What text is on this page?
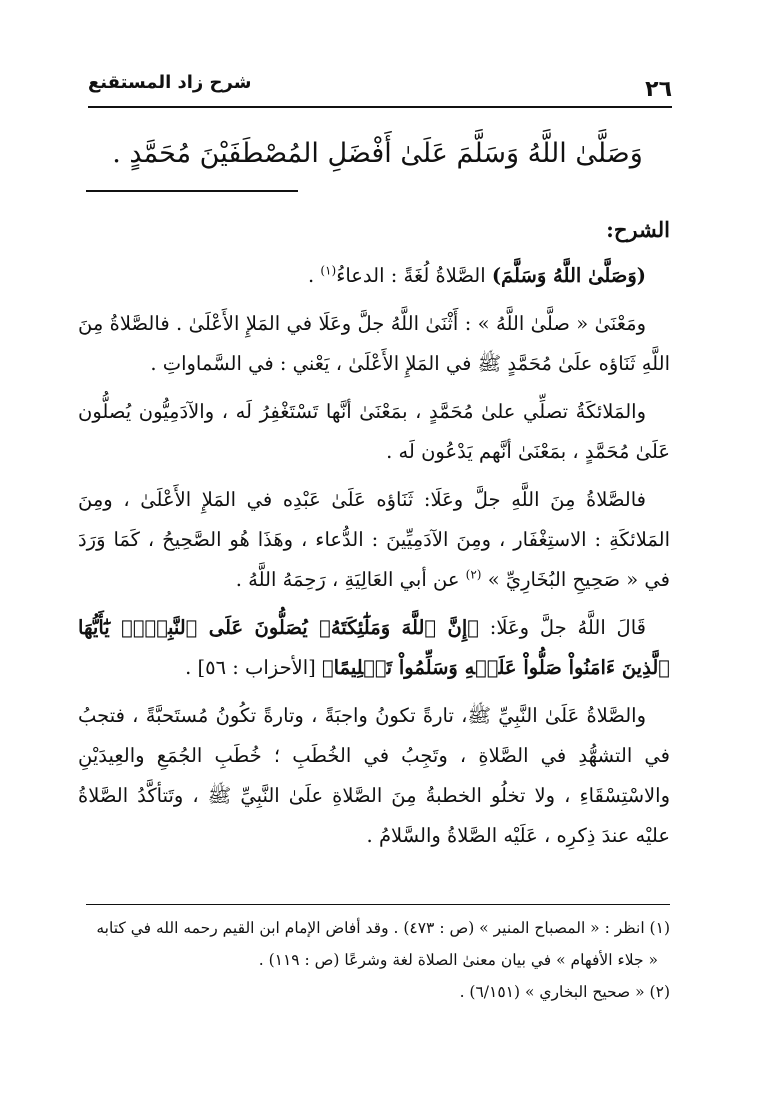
٢٦
شرح زاد المستقنع
وَصَلَّىٰ اللَّهُ وَسَلَّمَ عَلَىٰ أَفْضَلِ المُصْطَفَيْنَ مُحَمَّدٍ .

الشرح:

(وَصَلَّىٰ اللَّهُ وَسَلَّمَ) الصَّلاةُ لُغَةً : الدعاءُ$^{(١)}$ .

ومَعْنَىٰ « صلَّىٰ اللَّهُ » : أَثْنَىٰ اللَّهُ جلَّ وعَلَا في المَلإِ الأَعْلَىٰ . فالصَّلاةُ مِنَ اللَّهِ ثَنَاؤه علَىٰ مُحَمَّدٍ ﷺ في المَلإِ الأَعْلَىٰ ، يَعْني : في السَّماواتِ .

والمَلائكَةُ تصلِّي علىٰ مُحَمَّدٍ ، بمَعْنَىٰ أنَّها تَسْتَغْفِرُ لَه ، والآدَمِيُّون يُصلُّون عَلَىٰ مُحَمَّدٍ ، بمَعْنَىٰ أنَّهم يَدْعُون لَه .

فالصَّلاةُ مِنَ اللَّهِ جلَّ وعَلَا: ثَنَاؤه عَلَىٰ عَبْدِه في المَلإِ الأَعْلَىٰ ، ومِنَ المَلائكَةِ : الاستِغْفَار ، ومِنَ الآدَمِيِّينَ : الدُّعاء ، وهَذَا هُو الصَّحِيحُ ، كَمَا وَرَدَ في « صَحِيحِ البُخَارِيِّ » $^{(٢)}$ عن أبي العَالِيَةِ ، رَحِمَهُ اللَّهُ .

قَالَ اللَّهُ جلَّ وعَلَا: ﴿إِنَّ ٱللَّهَ وَمَلَٰٓئِكَتَهُۥ يُصَلُّونَ عَلَى ٱلنَّبِيِّۚ يَٰٓأَيُّهَا ٱلَّذِينَ ءَامَنُواْ صَلُّواْ عَلَيۡهِ وَسَلِّمُواْ تَسۡلِيمًا﴾ [الأحزاب : ٥٦] .

والصَّلاةُ عَلَىٰ النَّبِيِّ ﷺ، تارةً تكونُ واجبَةً ، وتارةً تكُونُ مُستَحبَّةً ، فتجبُ في التشهُّدِ في الصَّلاةِ ، وتَجِبُ في الخُطَبِ ؛ خُطَبِ الجُمَعِ والعِيدَيْنِ والاسْتِسْقَاءِ ، ولا تخلُو الخطبةُ مِنَ الصَّلاةِ علَىٰ النَّبِيِّ ﷺ ، وتَتأكَّدُ الصَّلاةُ عليْه عندَ ذِكرِه ، عَلَيْه الصَّلاةُ والسَّلامُ .

(١) انظر : « المصباح المنير » (ص : ٤٧٣) . وقد أفاض الإمام ابن القيم رحمه الله في كتابه

« جلاء الأفهام » في بيان معنىٰ الصلاة لغة وشرعًا (ص : ١١٩) .

(٢) « صحيح البخاري » (٦/١٥١) .
